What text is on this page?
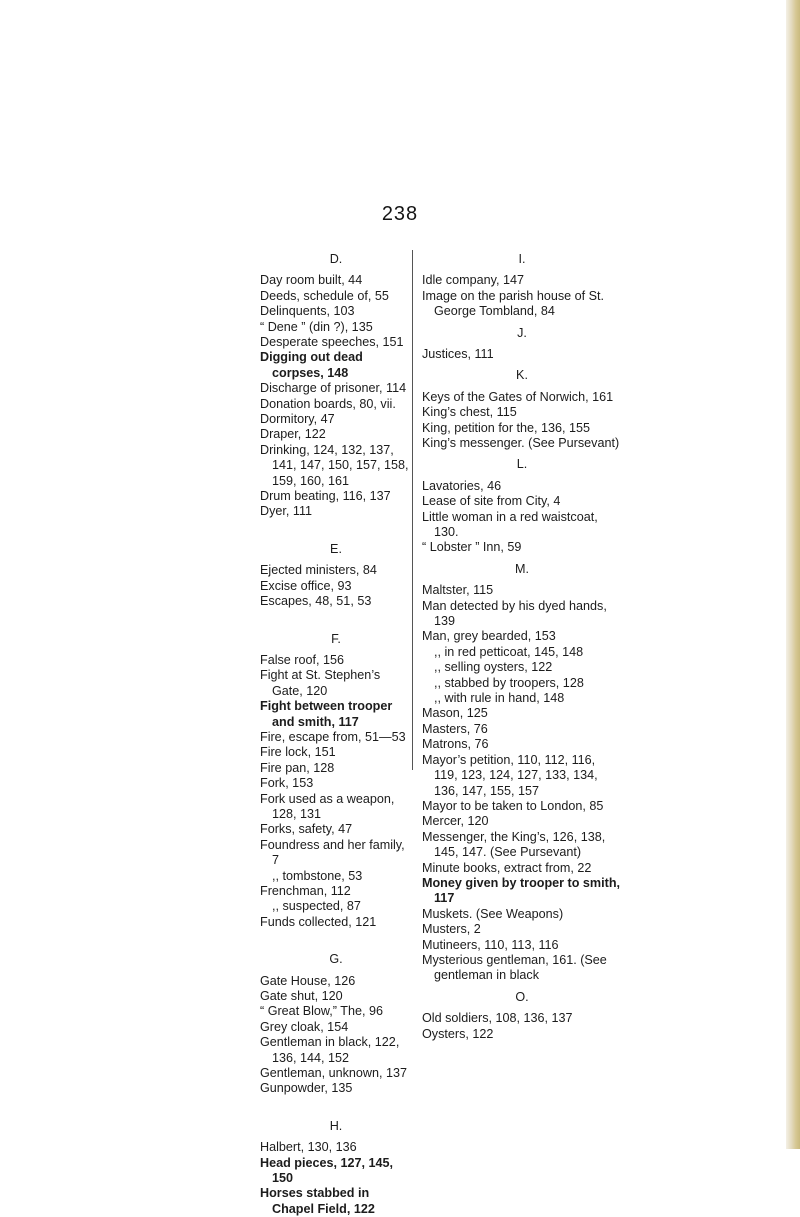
238
D.

Day room built, 44

Deeds, schedule of, 55

Delinquents, 103

“ Dene ” (din ?), 135

Desperate speeches, 151

Digging out dead corpses, 148

Discharge of prisoner, 114

Donation boards, 80, vii.

Dormitory, 47

Draper, 122

Drinking, 124, 132, 137, 141, 147, 150, 157, 158, 159, 160, 161

Drum beating, 116, 137

Dyer, 111

E.

Ejected ministers, 84

Excise office, 93

Escapes, 48, 51, 53

F.

False roof, 156

Fight at St. Stephen’s Gate, 120

Fight between trooper and smith, 117

Fire, escape from, 51—53

Fire lock, 151

Fire pan, 128

Fork, 153

Fork used as a weapon, 128, 131

Forks, safety, 47

Foundress and her family, 7

,, tombstone, 53

Frenchman, 112

,, suspected, 87

Funds collected, 121

G.

Gate House, 126

Gate shut, 120

“ Great Blow,” The, 96

Grey cloak, 154

Gentleman in black, 122, 136, 144, 152

Gentleman, unknown, 137

Gunpowder, 135

H.

Halbert, 130, 136

Head pieces, 127, 145, 150

Horses stabbed in Chapel Field, 122

I.

Idle company, 147

Image on the parish house of St. George Tombland, 84

J.

Justices, 111

K.

Keys of the Gates of Norwich, 161

King’s chest, 115

King, petition for the, 136, 155

King’s messenger. (See Pursevant)

L.

Lavatories, 46

Lease of site from City, 4

Little woman in a red waistcoat, 130.

“ Lobster ” Inn, 59

M.

Maltster, 115

Man detected by his dyed hands, 139

Man, grey bearded, 153

,, in red petticoat, 145, 148

,, selling oysters, 122

,, stabbed by troopers, 128

,, with rule in hand, 148

Mason, 125

Masters, 76

Matrons, 76

Mayor’s petition, 110, 112, 116, 119, 123, 124, 127, 133, 134, 136, 147, 155, 157

Mayor to be taken to London, 85

Mercer, 120

Messenger, the King’s, 126, 138, 145, 147. (See Pursevant)

Minute books, extract from, 22

Money given by trooper to smith, 117

Muskets. (See Weapons)

Musters, 2

Mutineers, 110, 113, 116

Mysterious gentleman, 161. (See gentleman in black

O.

Old soldiers, 108, 136, 137

Oysters, 122
